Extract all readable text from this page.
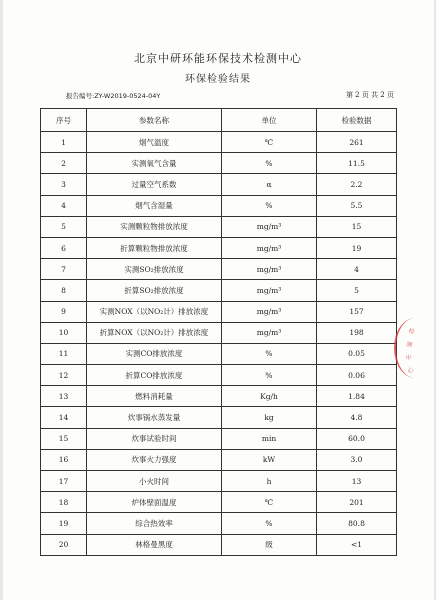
北京中研环能环保技术检测中心
环保检验结果
报告编号:ZY-W2019-0524-04Y	第 2 页 共 2 页
序号	参数名称	单位	检验数据
1	烟气温度	℃	261
2	实测氧气含量	%	11.5
3	过量空气系数	α	2.2
4	烟气含湿量	%	5.5
5	实测颗粒物排放浓度	mg/m³	15
6	折算颗粒物排放浓度	mg/m³	19
7	实测SO₂排放浓度	mg/m³	4
8	折算SO₂排放浓度	mg/m³	5
9	实测NOX（以NO₂计）排放浓度	mg/m³	157
10	折算NOX（以NO₂计）排放浓度	mg/m³	198
11	实测CO排放浓度	%	0.05
12	折算CO排放浓度	%	0.06
13	燃料消耗量	Kg/h	1.84
14	炊事锅水蒸发量	kg	4.8
15	炊事试验时间	min	60.0
16	炊事火力强度	kW	3.0
17	小火时间	h	13
18	炉体壁面温度	℃	201
19	综合热效率	%	80.8
20	林格曼黑度	级	<1
检
测
中
心
